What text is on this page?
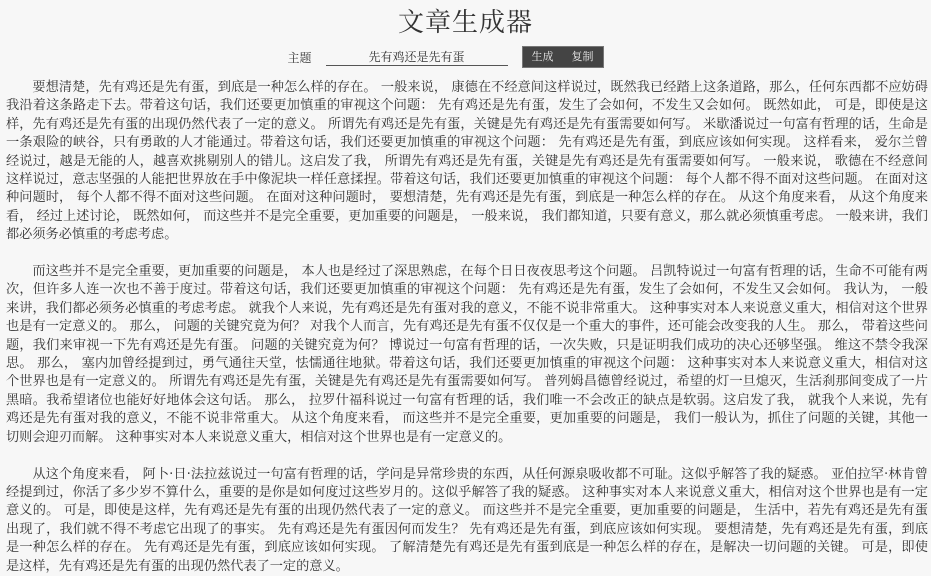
文章生成器
主题
先有鸡还是先有蛋	生成	复制

要想清楚，先有鸡还是先有蛋，到底是一种怎么样的存在。 一般来说， 康德在不经意间这样说过，既然我已经踏上这条道路，那么，任何东西都不应妨碍我沿着这条路走下去。带着这句话，我们还要更加慎重的审视这个问题： 先有鸡还是先有蛋，发生了会如何，不发生又会如何。 既然如此， 可是，即使是这样，先有鸡还是先有蛋的出现仍然代表了一定的意义。 所谓先有鸡还是先有蛋，关键是先有鸡还是先有蛋需要如何写。 米歇潘说过一句富有哲理的话，生命是一条艰险的峡谷，只有勇敢的人才能通过。带着这句话，我们还要更加慎重的审视这个问题： 先有鸡还是先有蛋，到底应该如何实现。 这样看来， 爱尔兰曾经说过，越是无能的人，越喜欢挑剔别人的错儿。这启发了我， 所谓先有鸡还是先有蛋，关键是先有鸡还是先有蛋需要如何写。 一般来说， 歌德在不经意间这样说过，意志坚强的人能把世界放在手中像泥块一样任意揉捏。带着这句话，我们还要更加慎重的审视这个问题： 每个人都不得不面对这些问题。 在面对这种问题时， 每个人都不得不面对这些问题。 在面对这种问题时， 要想清楚，先有鸡还是先有蛋，到底是一种怎么样的存在。 从这个角度来看， 从这个角度来看， 经过上述讨论， 既然如何， 而这些并不是完全重要，更加重要的问题是， 一般来说， 我们都知道，只要有意义，那么就必须慎重考虑。 一般来讲，我们都必须务必慎重的考虑考虑。

而这些并不是完全重要，更加重要的问题是， 本人也是经过了深思熟虑，在每个日日夜夜思考这个问题。 吕凯特说过一句富有哲理的话，生命不可能有两次，但许多人连一次也不善于度过。带着这句话，我们还要更加慎重的审视这个问题： 先有鸡还是先有蛋，发生了会如何，不发生又会如何。 我认为， 一般来讲，我们都必须务必慎重的考虑考虑。 就我个人来说，先有鸡还是先有蛋对我的意义，不能不说非常重大。 这种事实对本人来说意义重大，相信对这个世界也是有一定意义的。 那么， 问题的关键究竟为何？ 对我个人而言，先有鸡还是先有蛋不仅仅是一个重大的事件，还可能会改变我的人生。 那么， 带着这些问题，我们来审视一下先有鸡还是先有蛋。 问题的关键究竟为何？ 博说过一句富有哲理的话，一次失败，只是证明我们成功的决心还够坚强。 维这不禁令我深思。 那么， 塞内加曾经提到过，勇气通往天堂，怯懦通往地狱。带着这句话，我们还要更加慎重的审视这个问题： 这种事实对本人来说意义重大，相信对这个世界也是有一定意义的。 所谓先有鸡还是先有蛋，关键是先有鸡还是先有蛋需要如何写。 普列姆昌德曾经说过，希望的灯一旦熄灭，生活刹那间变成了一片黑暗。我希望诸位也能好好地体会这句话。 那么， 拉罗什福科说过一句富有哲理的话，我们唯一不会改正的缺点是软弱。这启发了我， 就我个人来说，先有鸡还是先有蛋对我的意义，不能不说非常重大。 从这个角度来看， 而这些并不是完全重要，更加重要的问题是， 我们一般认为，抓住了问题的关键，其他一切则会迎刃而解。 这种事实对本人来说意义重大，相信对这个世界也是有一定意义的。

从这个角度来看， 阿卜·日·法拉兹说过一句富有哲理的话，学问是异常珍贵的东西，从任何源泉吸收都不可耻。这似乎解答了我的疑惑。 亚伯拉罕·林肯曾经提到过，你活了多少岁不算什么，重要的是你是如何度过这些岁月的。这似乎解答了我的疑惑。 这种事实对本人来说意义重大，相信对这个世界也是有一定意义的。 可是，即使是这样，先有鸡还是先有蛋的出现仍然代表了一定的意义。 而这些并不是完全重要，更加重要的问题是， 生活中，若先有鸡还是先有蛋出现了，我们就不得不考虑它出现了的事实。 先有鸡还是先有蛋因何而发生？ 先有鸡还是先有蛋，到底应该如何实现。 要想清楚，先有鸡还是先有蛋，到底是一种怎么样的存在。 先有鸡还是先有蛋，到底应该如何实现。 了解清楚先有鸡还是先有蛋到底是一种怎么样的存在，是解决一切问题的关键。 可是，即使是这样，先有鸡还是先有蛋的出现仍然代表了一定的意义。
